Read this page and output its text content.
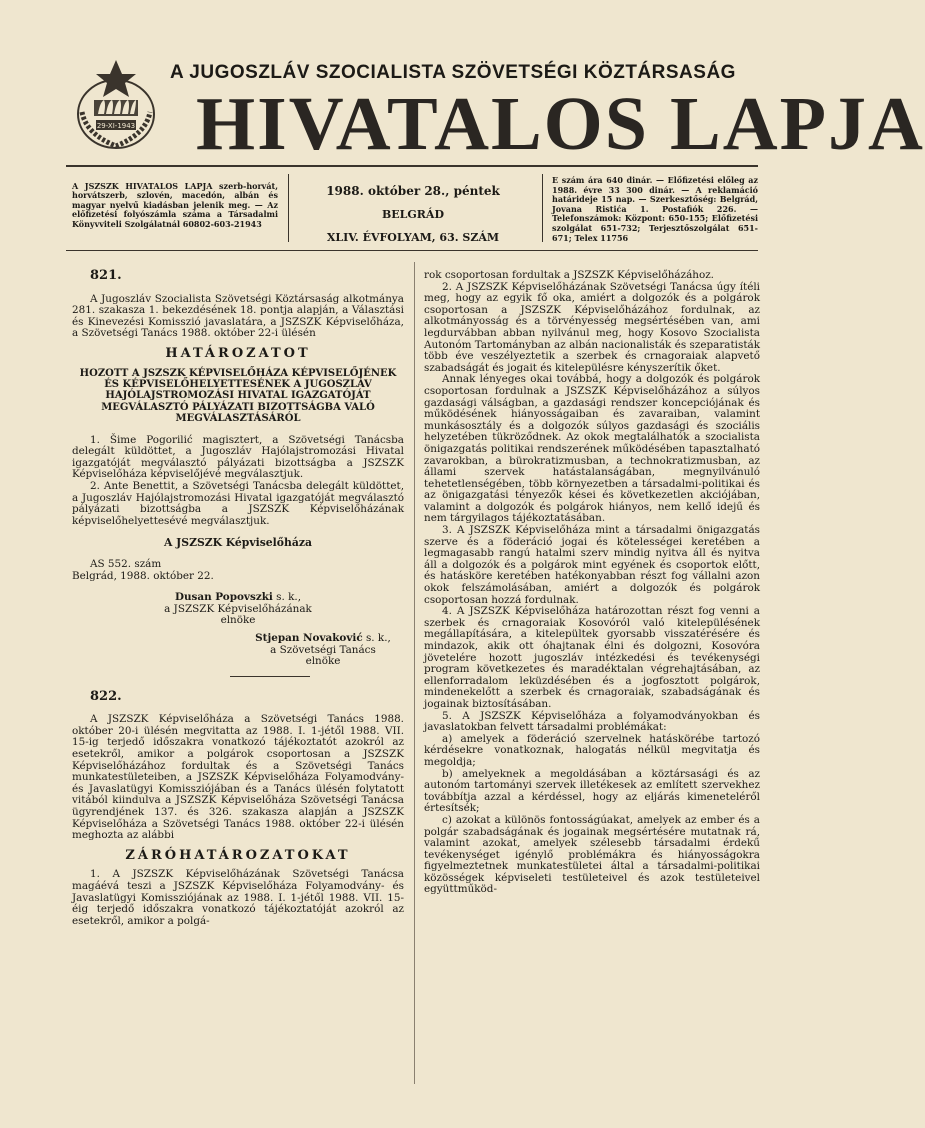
29-XI-1943
A JUGOSZLÁV SZOCIALISTA SZÖVETSÉGI KÖZTÁRSASÁG
HIVATALOS LAPJA
A JSZSZK HIVATALOS LAPJA szerb-horvát, horvátszerb, szlovén, macedón, albán és magyar nyelvű kiadásban jelenik meg. — Az előfizetési folyószámla száma a Társadalmi Könyvviteli Szolgálatnál 60802-603-21943
1988. október 28., péntek
BELGRÁD
XLIV. ÉVFOLYAM, 63. SZÁM
E szám ára 640 dinár. — Előfizetési előleg az 1988. évre 33 300 dinár. — A reklamáció határideje 15 nap. — Szerkesztőség: Belgrád, Jovana Ristića 1. Postafiók 226. — Telefonszámok: Központ: 650-155; Előfizetési szolgálat 651-732; Terjesztőszolgálat 651-671; Telex 11756
821.

A Jugoszláv Szocialista Szövetségi Köztársaság alkotmánya 281. szakasza 1. bekezdésének 18. pontja alapján, a Választási és Kinevezési Komisszió javaslatára, a JSZSZK Képviselőháza, a Szövetségi Tanács 1988. október 22-i ülésén

HATÁROZATOT
HOZOTT A JSZSZK KÉPVISELŐHÁZA KÉPVISELŐJÉNEK ÉS KÉPVISELŐHELYETTESÉNEK A JUGOSZLÁV HAJÓLAJSTROMOZÁSI HIVATAL IGAZGATÓJÁT MEGVÁLASZTÓ PÁLYÁZATI BIZOTTSÁGBA VALÓ MEGVÁLASZTÁSÁRÓL

1. Šime Pogorilić magisztert, a Szövetségi Tanácsba delegált küldöttet, a Jugoszláv Hajólajstromozási Hivatal igazgatóját megválasztó pályázati bizottságba a JSZSZK Képviselőháza képviselőjévé megválasztjuk.

2. Ante Benettit, a Szövetségi Tanácsba delegált küldöttet, a Jugoszláv Hajólajstromozási Hivatal igazgatóját megválasztó pályázati bizottságba a JSZSZK Képviselőházának képviselőhelyettesévé megválasztjuk.

A JSZSZK Képviselőháza

AS 552. szám

Belgrád, 1988. október 22.

Dusan Popovszki s. k.,
a JSZSZK Képviselőházának
elnöke
Stjepan Novaković s. k.,
a Szövetségi Tanács
elnöke
822.

A JSZSZK Képviselőháza a Szövetségi Tanács 1988. október 20-i ülésén megvitatta az 1988. I. 1-jétől 1988. VII. 15-ig terjedő időszakra vonatkozó tájékoztatót azokról az esetekről, amikor a polgárok csoportosan a JSZSZK Képviselőházához fordultak és a Szövetségi Tanács munkatestületeiben, a JSZSZK Képviselőháza Folyamodvány- és Javaslatügyi Komissziójában és a Tanács ülésén folytatott vitából kiindulva a JSZSZK Képviselőháza Szövetségi Tanácsa ügyrendjének 137. és 326. szakasza alapján a JSZSZK Képviselőháza a Szövetségi Tanács 1988. október 22-i ülésén meghozta az alábbi

ZÁRÓHATÁROZATOKAT

1. A JSZSZK Képviselőházának Szövetségi Tanácsa magáévá teszi a JSZSZK Képviselőháza Folyamodvány- és Javaslatügyi Komissziójának az 1988. I. 1-jétől 1988. VII. 15-éig terjedő időszakra vonatkozó tájékoztatóját azokról az esetekről, amikor a polgá-

rok csoportosan fordultak a JSZSZK Képviselőházához.

2. A JSZSZK Képviselőházának Szövetségi Tanácsa úgy ítéli meg, hogy az egyik fő oka, amiért a dolgozók és a polgárok csoportosan a JSZSZK Képviselőházához fordulnak, az alkotmányosság és a törvényesség megsértésében van, ami legdurvábban abban nyilvánul meg, hogy Kosovo Szocialista Autonóm Tartományban az albán nacionalisták és szeparatisták több éve veszélyeztetik a szerbek és crnagoraiak alapvető szabadságát és jogait és kitelepülésre kényszerítik őket.

Annak lényeges okai továbbá, hogy a dolgozók és polgárok csoportosan fordulnak a JSZSZK Képviselőházához a súlyos gazdasági válságban, a gazdasági rendszer koncepciójának és működésének hiányosságaiban és zavaraiban, valamint munkásosztály és a dolgozók súlyos gazdasági és szociális helyzetében tükröződnek. Az okok megtalálhatók a szocialista önigazgatás politikai rendszerének működésében tapasztalható zavarokban, a bürokratizmusban, a technokratizmusban, az állami szervek hatástalanságában, megnyilvánuló tehetetlenségében, több környezetben a társadalmi-politikai és az önigazgatási tényezők kései és következetlen akciójában, valamint a dolgozók és polgárok hiányos, nem kellő idejű és nem tárgyilagos tájékoztatásában.

3. A JSZSZK Képviselőháza mint a társadalmi önigazgatás szerve és a föderáció jogai és kötelességei keretében a legmagasabb rangú hatalmi szerv mindig nyitva áll és nyitva áll a dolgozók és a polgárok mint egyének és csoportok előtt, és hatásköre keretében hatékonyabban részt fog vállalni azon okok felszámolásában, amiért a dolgozók és polgárok csoportosan hozzá fordulnak.

4. A JSZSZK Képviselőháza határozottan részt fog venni a szerbek és crnagoraiak Kosovóról való kitelepülésének megállapítására, a kitelepültek gyorsabb visszatérésére és mindazok, akik ott óhajtanak élni és dolgozni, Kosovóra jövetelére hozott jugoszláv intézkedési és tevékenységi program következetes és maradéktalan végrehajtásában, az ellenforradalom leküzdésében és a jogfosztott polgárok, mindenekelőtt a szerbek és crnagoraiak, szabadságának és jogainak biztosításában.

5. A JSZSZK Képviselőháza a folyamodványokban és javaslatokban felvett társadalmi problémákat:

a) amelyek a föderáció szervelnek hatáskörébe tartozó kérdésekre vonatkoznak, halogatás nélkül megvitatja és megoldja;

b) amelyeknek a megoldásában a köztársasági és az autonóm tartományi szervek illetékesek az említett szervekhez továbbítja azzal a kérdéssel, hogy az eljárás kimeneteléről értesítsék;

c) azokat a különös fontosságúakat, amelyek az ember és a polgár szabadságának és jogainak megsértésére mutatnak rá, valamint azokat, amelyek szélesebb társadalmi érdekű tevékenységet igénylő problémákra és hiányosságokra figyelmeztetnek munkatestületei által a társadalmi-politikai közösségek képviseleti testületeivel és azok testületeivel együttműköd-
